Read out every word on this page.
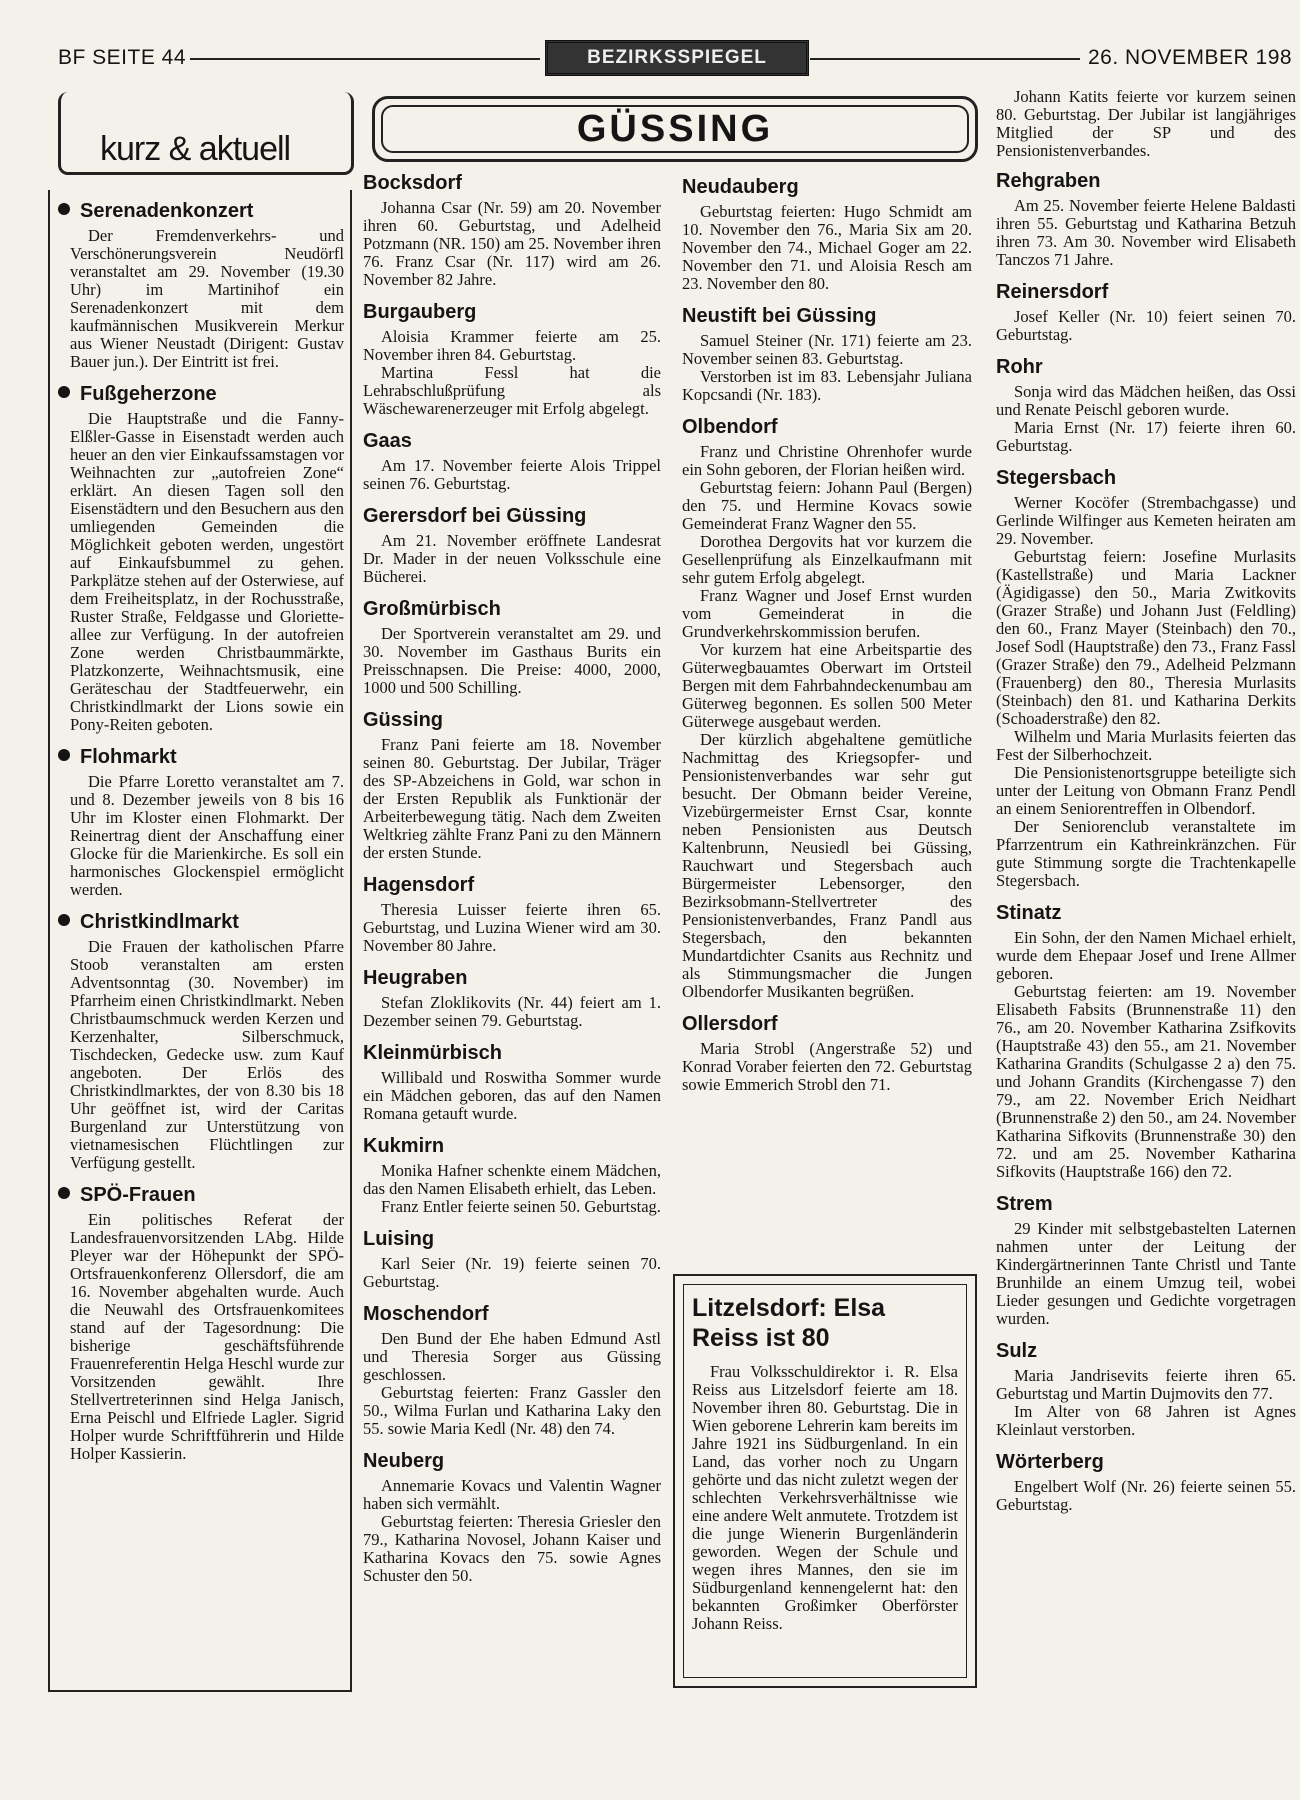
BF SEITE 44	BEZIRKSSPIEGEL	26. NOVEMBER 198
kurz & aktuell	GÜSSING
Serenadenkonzert

Der Fremdenverkehrs- und Verschönerungsverein Neudörfl veranstaltet am 29. November (19.30 Uhr) im Martinihof ein Serenadenkonzert mit dem kaufmännischen Musikverein Merkur aus Wiener Neustadt (Dirigent: Gustav Bauer jun.). Der Eintritt ist frei.

Fußgeherzone

Die Hauptstraße und die Fanny-Elßler-Gasse in Eisenstadt werden auch heuer an den vier Einkaufssamstagen vor Weihnachten zur „autofreien Zone“ erklärt. An diesen Tagen soll den Eisenstädtern und den Besuchern aus den umliegenden Gemeinden die Möglichkeit geboten werden, ungestört auf Einkaufsbummel zu gehen. Parkplätze stehen auf der Osterwiese, auf dem Freiheitsplatz, in der Rochusstraße, Ruster Straße, Feldgasse und Gloriette-allee zur Verfügung. In der autofreien Zone werden Christbaummärkte, Platzkonzerte, Weihnachtsmusik, eine Geräteschau der Stadtfeuerwehr, ein Christkindlmarkt der Lions sowie ein Pony-Reiten geboten.

Flohmarkt

Die Pfarre Loretto veranstaltet am 7. und 8. Dezember jeweils von 8 bis 16 Uhr im Kloster einen Flohmarkt. Der Reinertrag dient der Anschaffung einer Glocke für die Marienkirche. Es soll ein harmonisches Glockenspiel ermöglicht werden.

Christkindlmarkt

Die Frauen der katholischen Pfarre Stoob veranstalten am ersten Adventsonntag (30. November) im Pfarrheim einen Christkindlmarkt. Neben Christbaumschmuck werden Kerzen und Kerzenhalter, Silberschmuck, Tischdecken, Gedecke usw. zum Kauf angeboten. Der Erlös des Christkindlmarktes, der von 8.30 bis 18 Uhr geöffnet ist, wird der Caritas Burgenland zur Unterstützung von vietnamesischen Flüchtlingen zur Verfügung gestellt.

SPÖ-Frauen

Ein politisches Referat der Landesfrauenvorsitzenden LAbg. Hilde Pleyer war der Höhepunkt der SPÖ-Ortsfrauenkonferenz Ollersdorf, die am 16. November abgehalten wurde. Auch die Neuwahl des Ortsfrauenkomitees stand auf der Tagesordnung: Die bisherige geschäftsführende Frauenreferentin Helga Heschl wurde zur Vorsitzenden gewählt. Ihre Stellvertreterinnen sind Helga Janisch, Erna Peischl und Elfriede Lagler. Sigrid Holper wurde Schriftführerin und Hilde Holper Kassierin.

Bocksdorf

Johanna Csar (Nr. 59) am 20. November ihren 60. Geburtstag, und Adelheid Potzmann (NR. 150) am 25. November ihren 76. Franz Csar (Nr. 117) wird am 26. November 82 Jahre.

Burgauberg

Aloisia Krammer feierte am 25. November ihren 84. Geburtstag.

Martina Fessl hat die Lehrabschlußprüfung als Wäschewarenerzeuger mit Erfolg abgelegt.

Gaas

Am 17. November feierte Alois Trippel seinen 76. Geburtstag.

Gerersdorf bei Güssing

Am 21. November eröffnete Landesrat Dr. Mader in der neuen Volksschule eine Bücherei.

Großmürbisch

Der Sportverein veranstaltet am 29. und 30. November im Gasthaus Burits ein Preisschnapsen. Die Preise: 4000, 2000, 1000 und 500 Schilling.

Güssing

Franz Pani feierte am 18. November seinen 80. Geburtstag. Der Jubilar, Träger des SP-Abzeichens in Gold, war schon in der Ersten Republik als Funktionär der Arbeiterbewegung tätig. Nach dem Zweiten Weltkrieg zählte Franz Pani zu den Männern der ersten Stunde.

Hagensdorf

Theresia Luisser feierte ihren 65. Geburtstag, und Luzina Wiener wird am 30. November 80 Jahre.

Heugraben

Stefan Zloklikovits (Nr. 44) feiert am 1. Dezember seinen 79. Geburtstag.

Kleinmürbisch

Willibald und Roswitha Sommer wurde ein Mädchen geboren, das auf den Namen Romana getauft wurde.

Kukmirn

Monika Hafner schenkte einem Mädchen, das den Namen Elisabeth erhielt, das Leben.

Franz Entler feierte seinen 50. Geburtstag.

Luising

Karl Seier (Nr. 19) feierte seinen 70. Geburtstag.

Moschendorf

Den Bund der Ehe haben Edmund Astl und Theresia Sorger aus Güssing geschlossen.

Geburtstag feierten: Franz Gassler den 50., Wilma Furlan und Katharina Laky den 55. sowie Maria Kedl (Nr. 48) den 74.

Neuberg

Annemarie Kovacs und Valentin Wagner haben sich vermählt.

Geburtstag feierten: Theresia Griesler den 79., Katharina Novosel, Johann Kaiser und Katharina Kovacs den 75. sowie Agnes Schuster den 50.

Neudauberg

Geburtstag feierten: Hugo Schmidt am 10. November den 76., Maria Six am 20. November den 74., Michael Goger am 22. November den 71. und Aloisia Resch am 23. November den 80.

Neustift bei Güssing

Samuel Steiner (Nr. 171) feierte am 23. November seinen 83. Geburtstag.

Verstorben ist im 83. Lebensjahr Juliana Kopcsandi (Nr. 183).

Olbendorf

Franz und Christine Ohrenhofer wurde ein Sohn geboren, der Florian heißen wird.

Geburtstag feiern: Johann Paul (Bergen) den 75. und Hermine Kovacs sowie Gemeinderat Franz Wagner den 55.

Dorothea Dergovits hat vor kurzem die Gesellenprüfung als Einzelkaufmann mit sehr gutem Erfolg abgelegt.

Franz Wagner und Josef Ernst wurden vom Gemeinderat in die Grundverkehrskommission berufen.

Vor kurzem hat eine Arbeitspartie des Güterwegbauamtes Oberwart im Ortsteil Bergen mit dem Fahrbahndeckenumbau am Güterweg begonnen. Es sollen 500 Meter Güterwege ausgebaut werden.

Der kürzlich abgehaltene gemütliche Nachmittag des Kriegsopfer- und Pensionistenverbandes war sehr gut besucht. Der Obmann beider Vereine, Vizebürgermeister Ernst Csar, konnte neben Pensionisten aus Deutsch Kaltenbrunn, Neusiedl bei Güssing, Rauchwart und Stegersbach auch Bürgermeister Lebensorger, den Bezirksobmann-Stellvertreter des Pensionistenverbandes, Franz Pandl aus Stegersbach, den bekannten Mundartdichter Csanits aus Rechnitz und als Stimmungsmacher die Jungen Olbendorfer Musikanten begrüßen.

Ollersdorf

Maria Strobl (Angerstraße 52) und Konrad Voraber feierten den 72. Geburtstag sowie Emmerich Strobl den 71.

Johann Katits feierte vor kurzem seinen 80. Geburtstag. Der Jubilar ist langjähriges Mitglied der SP und des Pensionistenverbandes.

Rehgraben

Am 25. November feierte Helene Baldasti ihren 55. Geburtstag und Katharina Betzuh ihren 73. Am 30. November wird Elisabeth Tanczos 71 Jahre.

Reinersdorf

Josef Keller (Nr. 10) feiert seinen 70. Geburtstag.

Rohr

Sonja wird das Mädchen heißen, das Ossi und Renate Peischl geboren wurde.

Maria Ernst (Nr. 17) feierte ihren 60. Geburtstag.

Stegersbach

Werner Kocöfer (Strembachgasse) und Gerlinde Wilfinger aus Kemeten heiraten am 29. November.

Geburtstag feiern: Josefine Murlasits (Kastellstraße) und Maria Lackner (Ägidigasse) den 50., Maria Zwitkovits (Grazer Straße) und Johann Just (Feldling) den 60., Franz Mayer (Steinbach) den 70., Josef Sodl (Hauptstraße) den 73., Franz Fassl (Grazer Straße) den 79., Adelheid Pelzmann (Frauenberg) den 80., Theresia Murlasits (Steinbach) den 81. und Katharina Derkits (Schoaderstraße) den 82.

Wilhelm und Maria Murlasits feierten das Fest der Silberhochzeit.

Die Pensionistenortsgruppe beteiligte sich unter der Leitung von Obmann Franz Pendl an einem Seniorentreffen in Olbendorf.

Der Seniorenclub veranstaltete im Pfarrzentrum ein Kathreinkränzchen. Für gute Stimmung sorgte die Trachtenkapelle Stegersbach.

Stinatz

Ein Sohn, der den Namen Michael erhielt, wurde dem Ehepaar Josef und Irene Allmer geboren.

Geburtstag feierten: am 19. November Elisabeth Fabsits (Brunnenstraße 11) den 76., am 20. November Katharina Zsifkovits (Hauptstraße 43) den 55., am 21. November Katharina Grandits (Schulgasse 2 a) den 75. und Johann Grandits (Kirchengasse 7) den 79., am 22. November Erich Neidhart (Brunnenstraße 2) den 50., am 24. November Katharina Sifkovits (Brunnenstraße 30) den 72. und am 25. November Katharina Sifkovits (Hauptstraße 166) den 72.

Strem

29 Kinder mit selbstgebastelten Laternen nahmen unter der Leitung der Kindergärtnerinnen Tante Christl und Tante Brunhilde an einem Umzug teil, wobei Lieder gesungen und Gedichte vorgetragen wurden.

Sulz

Maria Jandrisevits feierte ihren 65. Geburtstag und Martin Dujmovits den 77.

Im Alter von 68 Jahren ist Agnes Kleinlaut verstorben.

Wörterberg

Engelbert Wolf (Nr. 26) feierte seinen 55. Geburtstag.

Litzelsdorf: Elsa Reiss ist 80

Frau Volksschuldirektor i. R. Elsa Reiss aus Litzelsdorf feierte am 18. November ihren 80. Geburtstag. Die in Wien geborene Lehrerin kam bereits im Jahre 1921 ins Südburgenland. In ein Land, das vorher noch zu Ungarn gehörte und das nicht zuletzt wegen der schlechten Verkehrsverhältnisse wie eine andere Welt anmutete. Trotzdem ist die junge Wienerin Burgenländerin geworden. Wegen der Schule und wegen ihres Mannes, den sie im Südburgenland kennengelernt hat: den bekannten Großimker Oberförster Johann Reiss.
